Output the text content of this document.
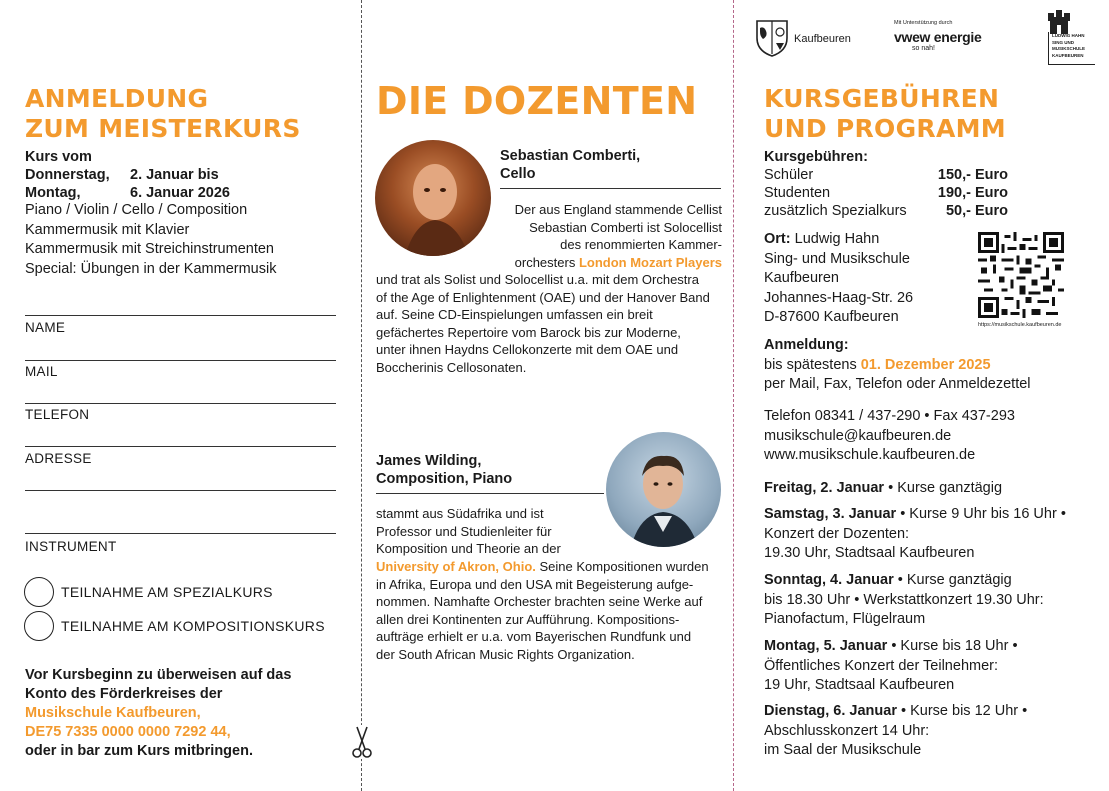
ANMELDUNG
ZUM MEISTERKURS
Kurs vom
Donnerstag,	2. Januar bis
Montag,	6. Januar 2026
Piano / Violin / Cello / Composition
Kammermusik mit Klavier
Kammermusik mit Streichinstrumenten
Special: Übungen in der Kammermusik
NAME
MAIL
TELEFON
ADRESSE
INSTRUMENT
TEILNAHME AM SPEZIALKURS
TEILNAHME AM KOMPOSITIONSKURS
Vor Kursbeginn zu überweisen auf das
Konto des Förderkreises der
Musikschule Kaufbeuren,
DE75 7335 0000 0000 7292 44,
oder in bar zum Kurs mitbringen.
DIE DOZENTEN
Sebastian Comberti,
Cello
Der aus England stammende Cellist
Sebastian Comberti ist Solocellist
des renommierten Kammer-
orchesters London Mozart Players
und trat als Solist und Solocellist u.a. mit dem Orchestra
of the Age of Enlightenment (OAE) und der Hanover Band
auf. Seine CD-Einspielungen umfassen ein breit
gefächertes Repertoire vom Barock bis zur Moderne,
unter ihnen Haydns Cellokonzerte mit dem OAE und
Boccherinis Cellosonaten.
James Wilding,
Composition, Piano
stammt aus Südafrika und ist
Professor und Studienleiter für
Komposition und Theorie an der
University of Akron, Ohio. Seine Kompositionen wurden
in Afrika, Europa und den USA mit Begeisterung aufge-
nommen. Namhafte Orchester brachten seine Werke auf
allen drei Kontinenten zur Aufführung. Kompositions-
aufträge erhielt er u.a. vom Bayerischen Rundfunk und
der South African Music Rights Organization.
Kaufbeuren
Mit Unterstützung durch
vwew energie
so nah!
LUDWIG HAHN
SING UND
MUSIKSCHULE
KAUFBEUREN
KURSGEBÜHREN
UND PROGRAMM
Kursgebühren:
Schüler	150,- Euro
Studenten	190,- Euro
zusätzlich Spezialkurs	50,- Euro
Ort: Ludwig Hahn
Sing- und Musikschule
Kaufbeuren
Johannes-Haag-Str. 26
D-87600 Kaufbeuren	https://musikschule.kaufbeuren.de
Anmeldung:
bis spätestens 01. Dezember 2025
per Mail, Fax, Telefon oder Anmeldezettel
Telefon 08341 / 437-290 • Fax 437-293
musikschule@kaufbeuren.de
www.musikschule.kaufbeuren.de
Freitag, 2. Januar • Kurse ganztägig
Samstag, 3. Januar • Kurse 9 Uhr bis 16 Uhr •
Konzert der Dozenten:
19.30 Uhr, Stadtsaal Kaufbeuren
Sonntag, 4. Januar • Kurse ganztägig
bis 18.30 Uhr • Werkstattkonzert 19.30 Uhr:
Pianofactum, Flügelraum
Montag, 5. Januar • Kurse bis 18 Uhr •
Öffentliches Konzert der Teilnehmer:
19 Uhr, Stadtsaal Kaufbeuren
Dienstag, 6. Januar • Kurse bis 12 Uhr •
Abschlusskonzert 14 Uhr:
im Saal der Musikschule
